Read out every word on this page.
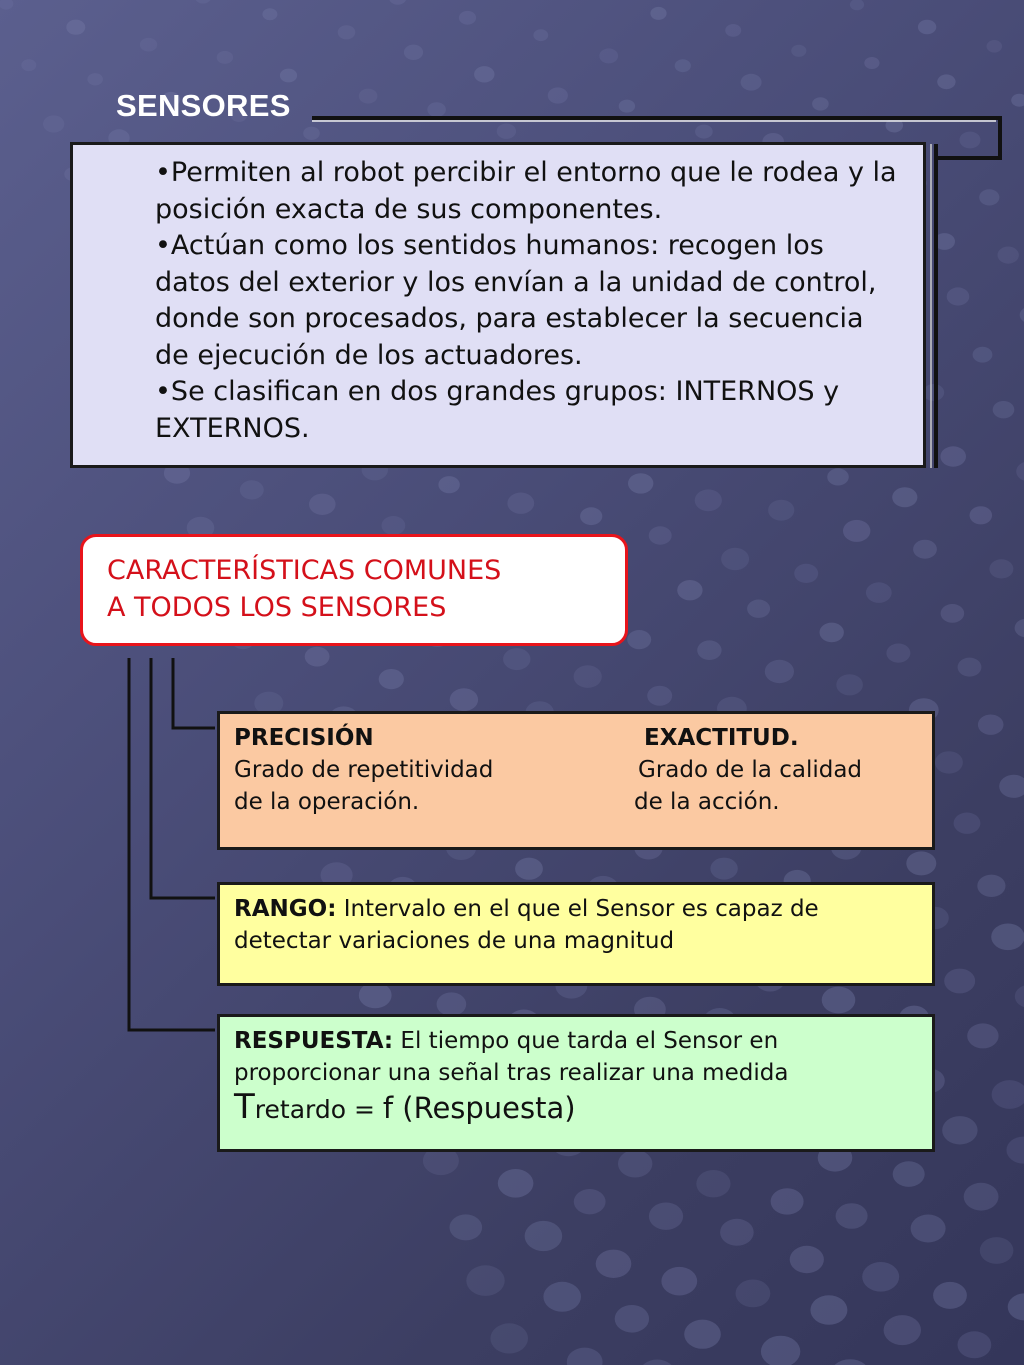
SENSORES

•Permiten al robot percibir el entorno que le rodea y la posición exacta de sus componentes.

•Actúan como los sentidos humanos: recogen los datos del exterior y los envían a la unidad de control, donde son procesados, para establecer la secuencia de ejecución de los actuadores.

•Se clasifican en dos grandes grupos: INTERNOS y EXTERNOS.

CARACTERÍSTICAS COMUNES
A TODOS LOS SENSORES
PRECISIÓN
Grado de repetitividad
de la operación.
EXACTITUD.
Grado de la calidad
de la acción.
RANGO: Intervalo en el que el Sensor es capaz de detectar variaciones de una magnitud
RESPUESTA: El tiempo que tarda el Sensor en proporcionar una señal tras realizar una medida
Tretardo = f (Respuesta)
